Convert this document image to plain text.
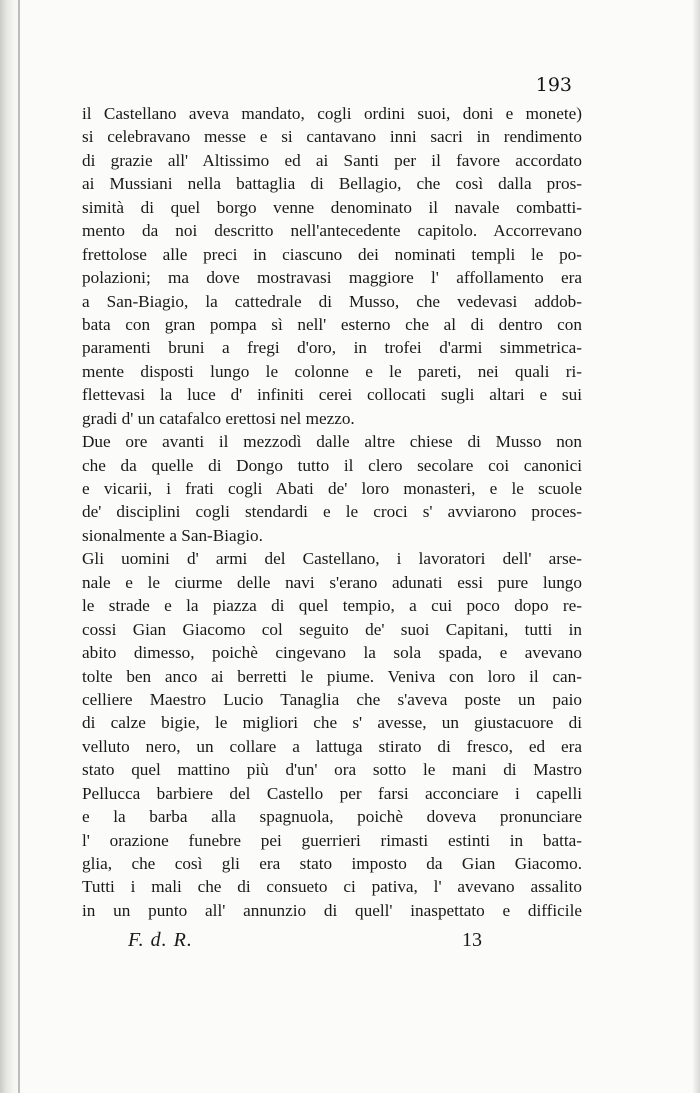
193
il Castellano aveva mandato, cogli ordini suoi, doni e monete)
si celebravano messe e si cantavano inni sacri in rendimento
di grazie all' Altissimo ed ai Santi per il favore accordato
ai Mussiani nella battaglia di Bellagio, che così dalla pros-
simità di quel borgo venne denominato il navale combatti-
mento da noi descritto nell'antecedente capitolo. Accorrevano
frettolose alle preci in ciascuno dei nominati templi le po-
polazioni; ma dove mostravasi maggiore l' affollamento era
a San-Biagio, la cattedrale di Musso, che vedevasi addob-
bata con gran pompa sì nell' esterno che al di dentro con
paramenti bruni a fregi d'oro, in trofei d'armi simmetrica-
mente disposti lungo le colonne e le pareti, nei quali ri-
flettevasi la luce d' infiniti cerei collocati sugli altari e sui
gradi d' un catafalco erettosi nel mezzo.
Due ore avanti il mezzodì dalle altre chiese di Musso non
che da quelle di Dongo tutto il clero secolare coi canonici
e vicarii, i frati cogli Abati de' loro monasteri, e le scuole
de' disciplini cogli stendardi e le croci s' avviarono proces-
sionalmente a San-Biagio.
Gli uomini d' armi del Castellano, i lavoratori dell' arse-
nale e le ciurme delle navi s'erano adunati essi pure lungo
le strade e la piazza di quel tempio, a cui poco dopo re-
cossi Gian Giacomo col seguito de' suoi Capitani, tutti in
abito dimesso, poichè cingevano la sola spada, e avevano
tolte ben anco ai berretti le piume. Veniva con loro il can-
celliere Maestro Lucio Tanaglia che s'aveva poste un paio
di calze bigie, le migliori che s' avesse, un giustacuore di
velluto nero, un collare a lattuga stirato di fresco, ed era
stato quel mattino più d'un' ora sotto le mani di Mastro
Pellucca barbiere del Castello per farsi acconciare i capelli
e la barba alla spagnuola, poichè doveva pronunciare
l' orazione funebre pei guerrieri rimasti estinti in batta-
glia, che così gli era stato imposto da Gian Giacomo.
Tutti i mali che di consueto ci pativa, l' avevano assalito
in un punto all' annunzio di quell' inaspettato e difficile
F. d. R.	13
